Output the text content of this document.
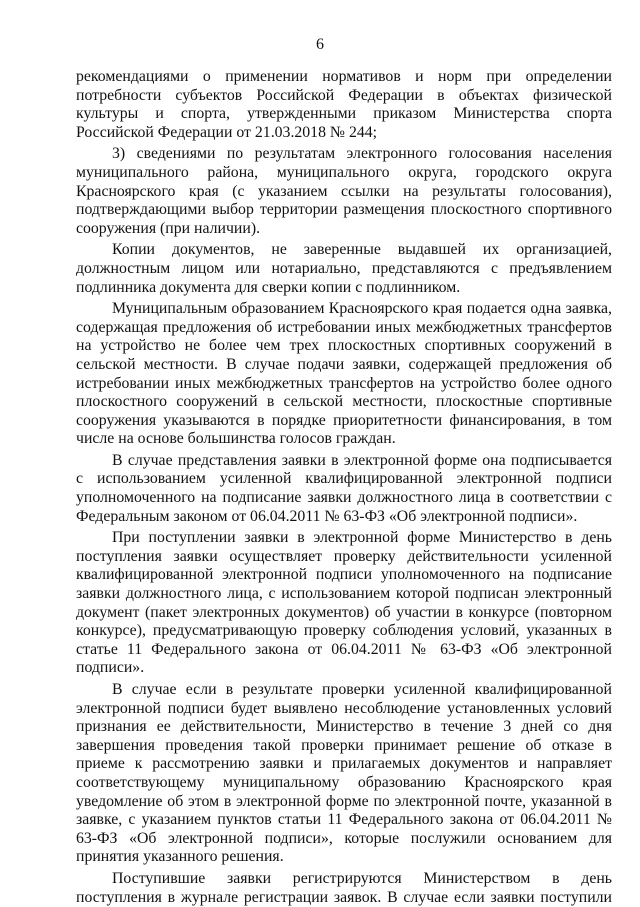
6

рекомендациями о применении нормативов и норм при определении потребности субъектов Российской Федерации в объектах физической культуры и спорта, утвержденными приказом Министерства спорта Российской Федерации от 21.03.2018 № 244;

3) сведениями по результатам электронного голосования населения муниципального района, муниципального округа, городского округа Красноярского края (с указанием ссылки на результаты голосования), подтверждающими выбор территории размещения плоскостного спортивного сооружения (при наличии).

Копии документов, не заверенные выдавшей их организацией, должностным лицом или нотариально, представляются с предъявлением подлинника документа для сверки копии с подлинником.

Муниципальным образованием Красноярского края подается одна заявка, содержащая предложения об истребовании иных межбюджетных трансфертов на устройство не более чем трех плоскостных спортивных сооружений в сельской местности. В случае подачи заявки, содержащей предложения об истребовании иных межбюджетных трансфертов на устройство более одного плоскостного сооружений в сельской местности, плоскостные спортивные сооружения указываются в порядке приоритетности финансирования, в том числе на основе большинства голосов граждан.

В случае представления заявки в электронной форме она подписывается с использованием усиленной квалифицированной электронной подписи уполномоченного на подписание заявки должностного лица в соответствии с Федеральным законом от 06.04.2011 № 63-ФЗ «Об электронной подписи».

При поступлении заявки в электронной форме Министерство в день поступления заявки осуществляет проверку действительности усиленной квалифицированной электронной подписи уполномоченного на подписание заявки должностного лица, с использованием которой подписан электронный документ (пакет электронных документов) об участии в конкурсе (повторном конкурсе), предусматривающую проверку соблюдения условий, указанных в статье 11 Федерального закона от 06.04.2011 № 63-ФЗ «Об электронной подписи».

В случае если в результате проверки усиленной квалифицированной электронной подписи будет выявлено несоблюдение установленных условий признания ее действительности, Министерство в течение 3 дней со дня завершения проведения такой проверки принимает решение об отказе в приеме к рассмотрению заявки и прилагаемых документов и направляет соответствующему муниципальному образованию Красноярского края уведомление об этом в электронной форме по электронной почте, указанной в заявке, с указанием пунктов статьи 11 Федерального закона от 06.04.2011 № 63-ФЗ «Об электронной подписи», которые послужили основанием для принятия указанного решения.

Поступившие заявки регистрируются Министерством в день поступления в журнале регистрации заявок. В случае если заявки поступили
